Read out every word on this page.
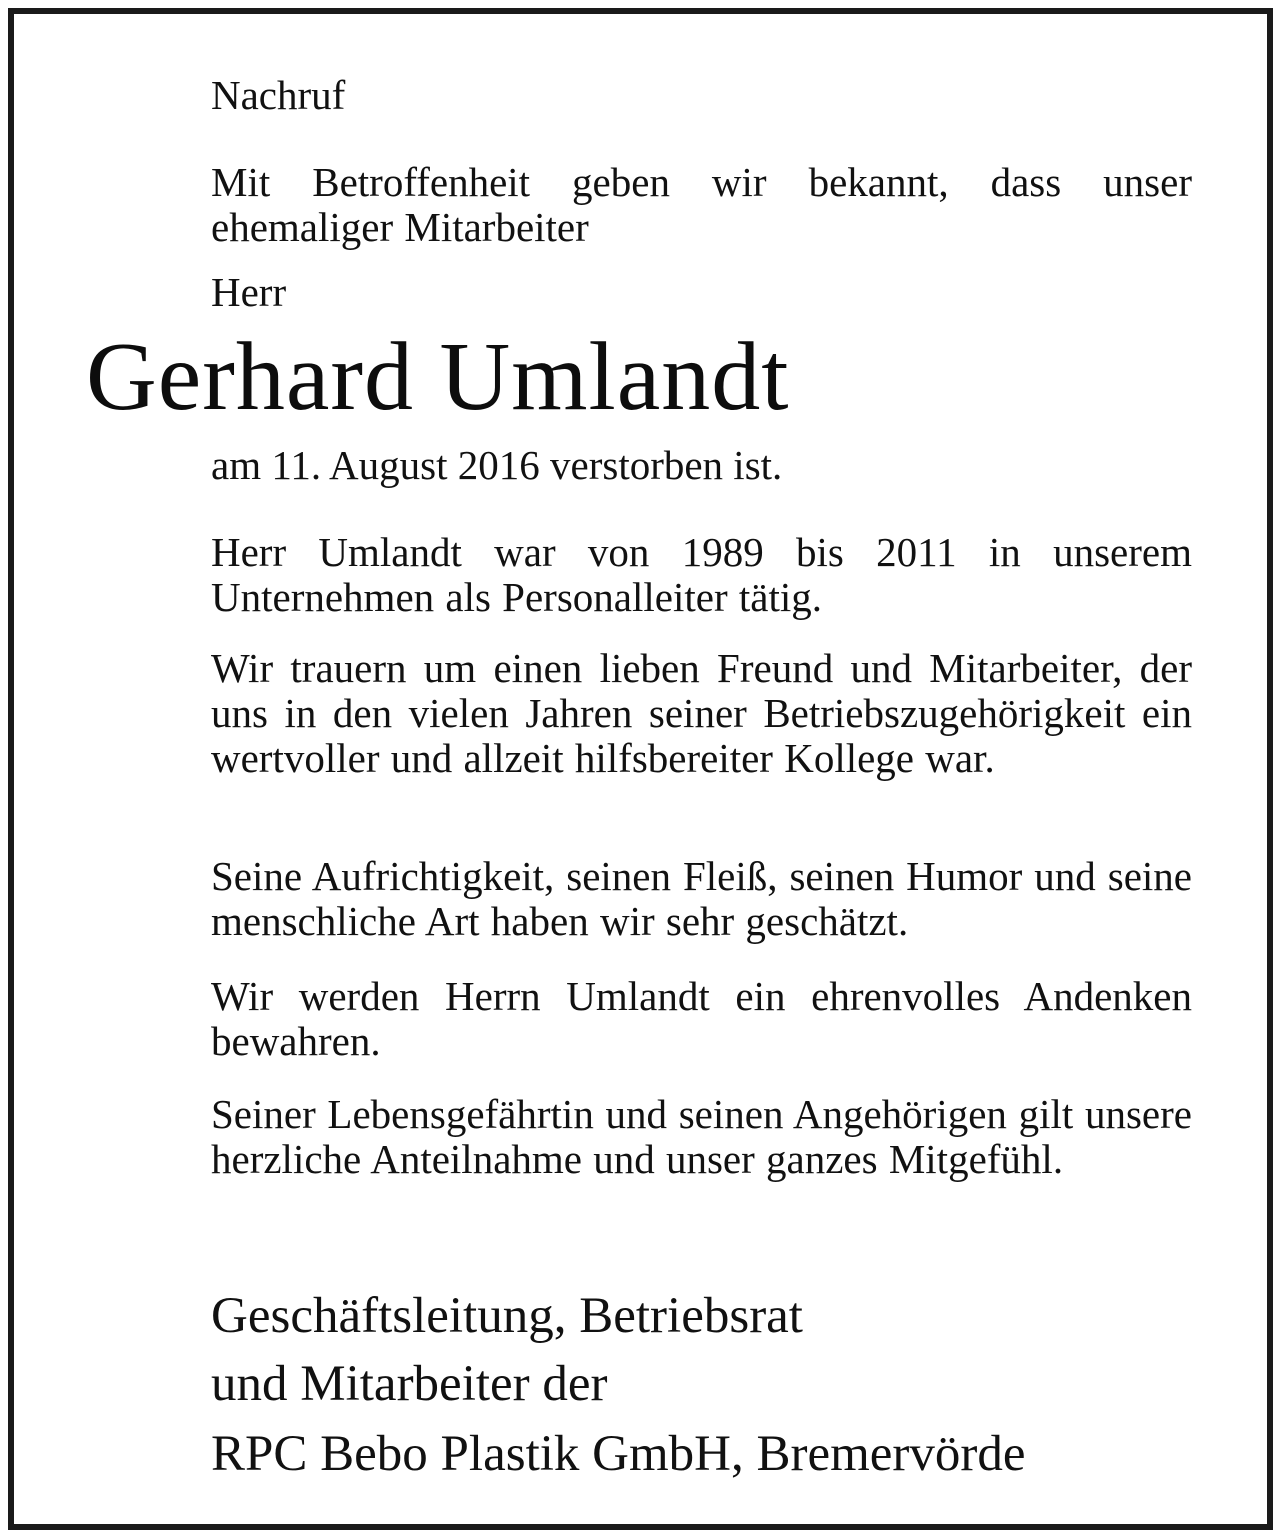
Nachruf

Mit Betroffenheit geben wir bekannt, dass unser ehemaliger Mitarbeiter

Herr

Gerhard Umlandt

am 11. August 2016 verstorben ist.

Herr Umlandt war von 1989 bis 2011 in unserem Unternehmen als Personalleiter tätig.

Wir trauern um einen lieben Freund und Mitarbeiter, der uns in den vielen Jahren seiner Betriebszugehörigkeit ein wertvoller und allzeit hilfsbereiter Kollege war.

Seine Aufrichtigkeit, seinen Fleiß, seinen Humor und seine menschliche Art haben wir sehr geschätzt.

Wir werden Herrn Umlandt ein ehrenvolles Andenken bewahren.

Seiner Lebensgefährtin und seinen Angehörigen gilt unsere herzliche Anteilnahme und unser ganzes Mitgefühl.

Geschäftsleitung, Betriebsrat

und Mitarbeiter der

RPC Bebo Plastik GmbH, Bremervörde
